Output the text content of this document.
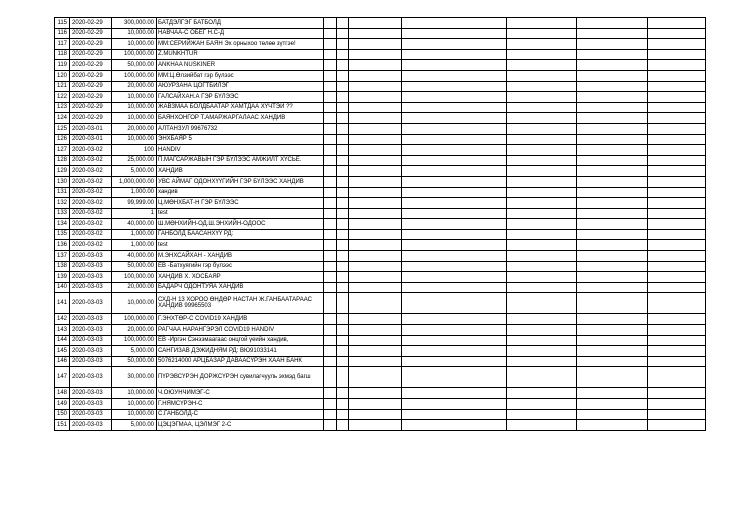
115	2020-02-29	300,000.00	БАТДЭЛГЭГ БАТБОЛД							
116	2020-02-29	10,000.00	НАВЧАА-С ОБЕГ Н.С-Д							
117	2020-02-29	10,000.00	ММ:СЕРИЙЖАН БАЯН Эх орныхоо төлөө зүтгэе!							
118	2020-02-29	100,000.00	Z.MUNKHTUR							
119	2020-02-29	50,000.00	ANKHAA NUSKINER							
120	2020-02-29	100,000.00	ММ:Ц.Өлзийбат гэр бүлээс							
121	2020-02-29	20,000.00	АЮУРЗАНА ЦОГТБИЛЭГ							
122	2020-02-29	10,000.00	ГАЛСАЙХАН.А ГЭР БҮЛЭЭС							
123	2020-02-29	10,000.00	ЖАВЗМАА БОЛДБААТАР ХАМТДАА ХҮЧТЭЙ ??							
124	2020-02-29	10,000.00	БАЯНХОНГОР Т.АМАРЖАРГАЛААС ХАНДИВ							
125	2020-03-01	20,000.00	АЛТАНЗУЛ 99676732							
126	2020-03-01	10,000.00	ЭНХБАЯР 5							
127	2020-03-02	100	HANDIV							
128	2020-03-02	25,000.00	П.МАГСАРЖАВЫН ГЭР БҮЛЭЭС АМЖИЛТ ХҮСЬЕ.							
129	2020-03-02	5,000.00	ХАНДИВ							
130	2020-03-02	1,000,000.00	УВС АЙМАГ ОДОНХҮҮГИЙН ГЭР БҮЛЭЭС ХАНДИВ							
131	2020-03-02	1,000.00	хандив							
132	2020-03-02	99,999.00	Ц.МӨНХБАТ-Н ГЭР БҮЛЭЭС							
133	2020-03-02	1	test							
134	2020-03-02	40,000.00	Ш.МӨНХИЙН-ОД.Ш.ЭНХИЙН-ОДООС							
135	2020-03-02	1,000.00	ГАНБОЛД БААСАНХҮҮ РД:							
136	2020-03-02	1,000.00	test							
137	2020-03-03	40,000.00	М.ЭНХСАЙХАН - ХАНДИВ							
138	2020-03-03	50,000.00	ЕВ -Батхуягийн гэр бүлээс							
139	2020-03-03	100,000.00	ХАНДИВ Х. ХОСБАЯР							
140	2020-03-03	20,000.00	БАДАРЧ ОДОНТУЯА ХАНДИВ							
141	2020-03-03	10,000.00	СХД-Н 13 ХОРОО ӨНДӨР НАСТАН Ж.ГАНБААТАРААС ХАНДИВ 99965503							
142	2020-03-03	100,000.00	Г.ЭНХТӨР-С COVID19 ХАНДИВ							
143	2020-03-03	20,000.00	РАГЧАА НАРАНГЭРЭЛ COVID19 HANDIV							
144	2020-03-03	100,000.00	ЕВ -Иргэн Сэнээмаагаас онцгой үеийн хандив,							
145	2020-03-03	5,000.00	САНГИЗАВ ДЭЖИДНЯМ РД: ВЮ91033141							
146	2020-03-03	50,000.00	5076214000 АРЦБАЗАР ДАВААСҮРЭН ХААН БАНК							
147	2020-03-03	30,000.00	ПҮРЭВСҮРЭН ДОРЖСҮРЭН сувилагчууль эхмэд багш							
148	2020-03-03	10,000.00	Ч.ОЮУНЧИМЭГ-С							
149	2020-03-03	10,000.00	Г.НЯМСҮРЭН-С							
150	2020-03-03	10,000.00	С.ГАНБОЛД-С							
151	2020-03-03	5,000.00	ЦЭЦЭГМАА, ЦЭЛМЭГ 2-С							
